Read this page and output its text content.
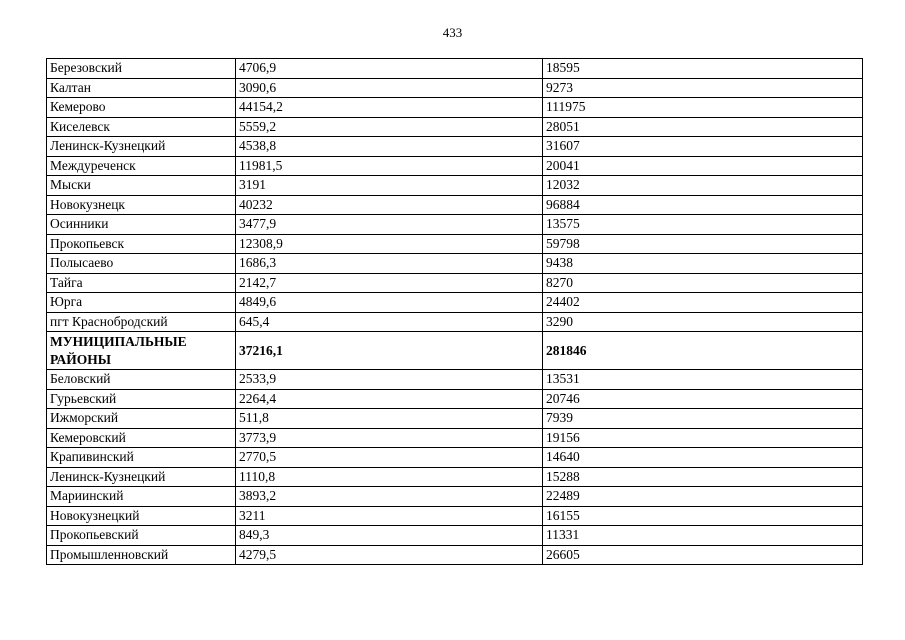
433
Березовский	4706,9	18595
Калтан	3090,6	9273
Кемерово	44154,2	111975
Киселевск	5559,2	28051
Ленинск-Кузнецкий	4538,8	31607
Междуреченск	11981,5	20041
Мыски	3191	12032
Новокузнецк	40232	96884
Осинники	3477,9	13575
Прокопьевск	12308,9	59798
Полысаево	1686,3	9438
Тайга	2142,7	8270
Юрга	4849,6	24402
пгт Краснобродский	645,4	3290
МУНИЦИПАЛЬНЫЕ РАЙОНЫ	37216,1	281846
Беловский	2533,9	13531
Гурьевский	2264,4	20746
Ижморский	511,8	7939
Кемеровский	3773,9	19156
Крапивинский	2770,5	14640
Ленинск-Кузнецкий	1110,8	15288
Мариинский	3893,2	22489
Новокузнецкий	3211	16155
Прокопьевский	849,3	11331
Промышленновский	4279,5	26605
